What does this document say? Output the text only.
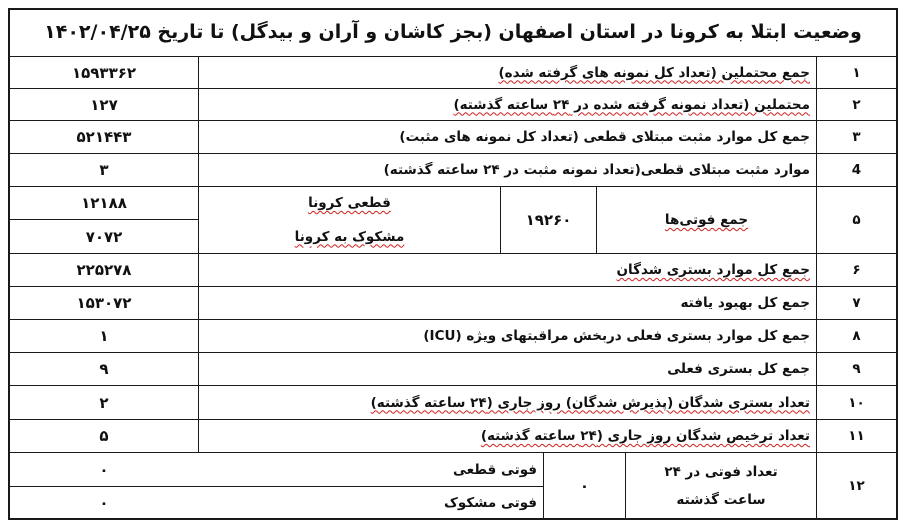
وضعیت ابتلا به کرونا در استان اصفهان (بجز کاشان و آران و بیدگل) تا تاریخ ۱۴۰۲/۰۴/۲۵
۱
جمع محتملین (تعداد کل نمونه های گرفته شده)
۱۵۹۳۳۶۲
۲
محتملین (تعداد نمونه گرفته شده در ۲۴ ساعته گذشته)
۱۲۷
۳
جمع کل موارد مثبت مبتلای قطعی (تعداد کل نمونه های مثبت)
۵۲۱۴۴۳
4
موارد مثبت مبتلای قطعی(تعداد نمونه مثبت در ۲۴ ساعته گذشته)
۳
۵
جمع فوتی‌ها
۱۹۲۶۰
قطعی کرونا
مشکوک به کرونا
۱۲۱۸۸
۷۰۷۲
۶
جمع کل موارد بستری شدگان
۲۲۵۲۷۸
۷
جمع کل بهبود یافته
۱۵۳۰۷۲
۸
جمع کل موارد بستری فعلی دربخش مراقبتهای ویژه (ICU)
۱
۹
جمع کل بستری فعلی
۹
۱۰
تعداد بستری شدگان (پذیرش شدگان) روز جاری (۲۴ ساعته گذشته)
۲
۱۱
تعداد ترخیص شدگان روز جاری (۲۴ ساعته گذشته)
۵
۱۲
تعداد فوتی در ۲۴
ساعت گذشته
۰
فوتی قطعی
فوتی مشکوک
۰
۰
